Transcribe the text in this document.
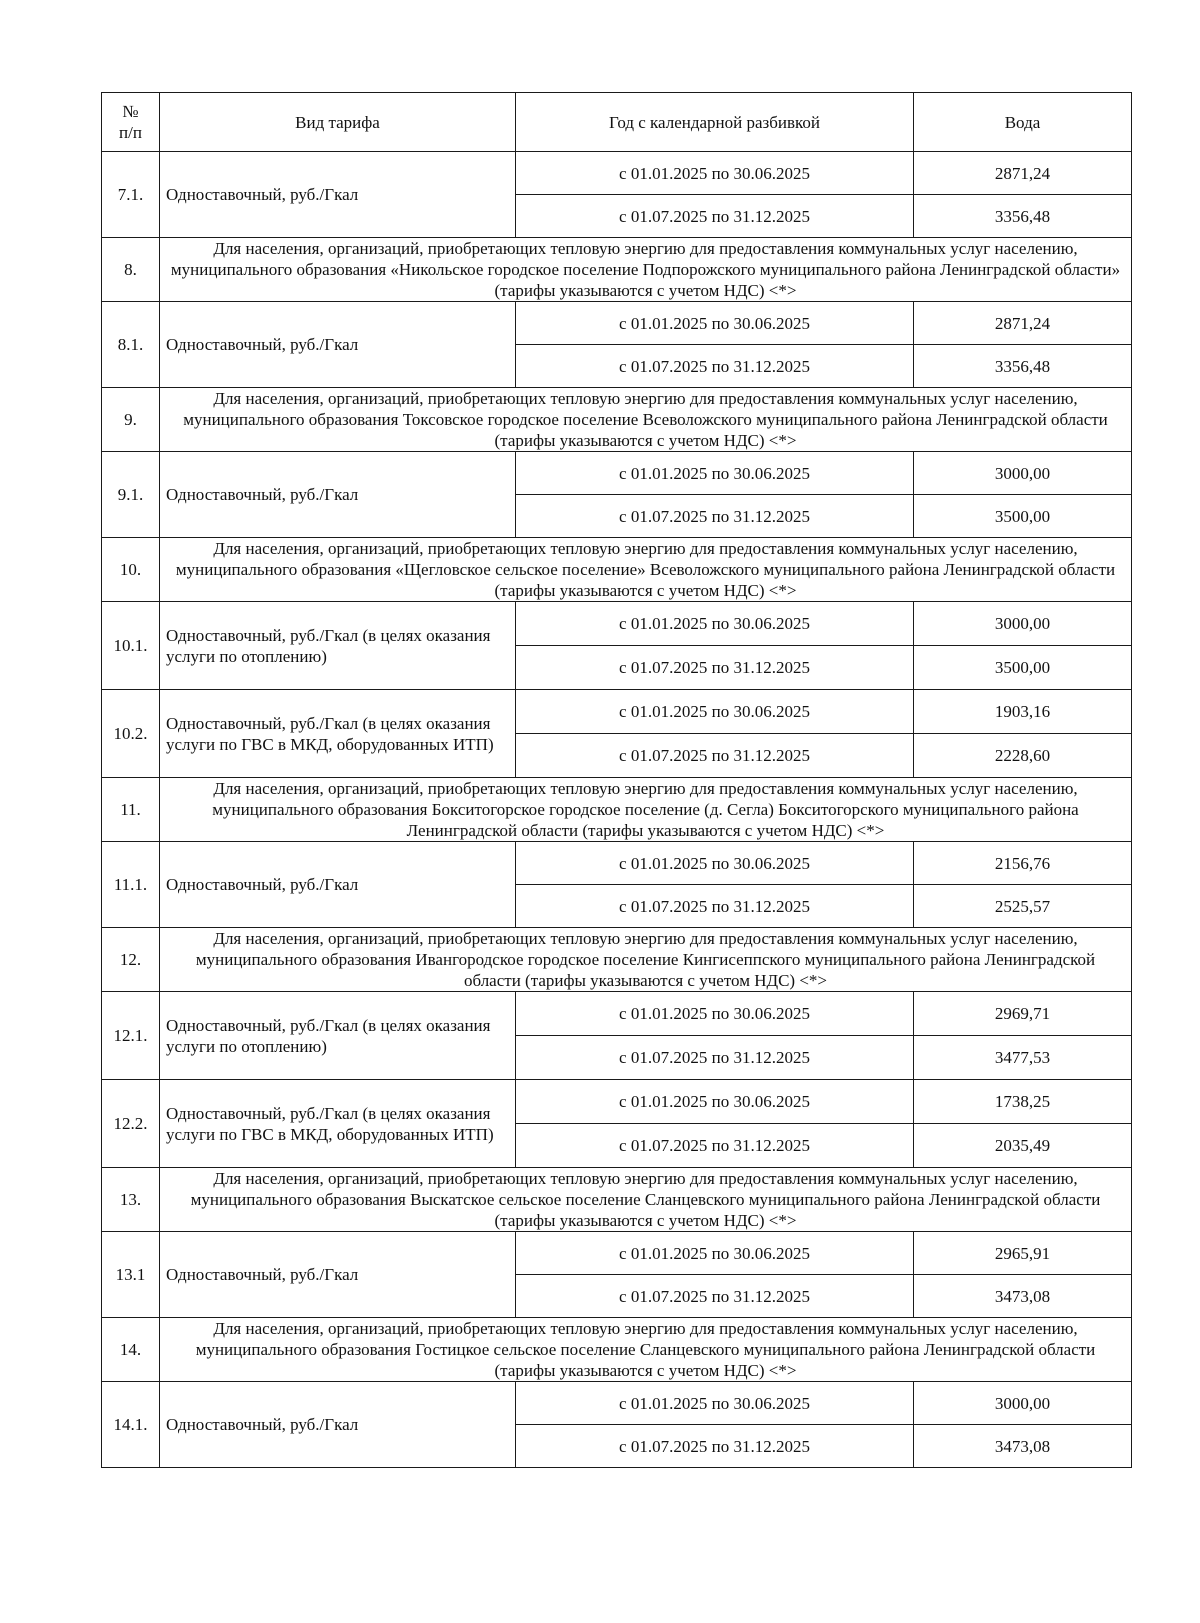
№ п/п	Вид тарифа	Год с календарной разбивкой	Вода
7.1.	Одноставочный, руб./Гкал	с 01.01.2025 по 30.06.2025	2871,24
		с 01.07.2025 по 31.12.2025	3356,48
8.	Для населения, организаций, приобретающих тепловую энергию для предоставления коммунальных услуг населению, муниципального образования «Никольское городское поселение Подпорожского муниципального района Ленинградской области» (тарифы указываются с учетом НДС) <*>		
8.1.	Одноставочный, руб./Гкал	с 01.01.2025 по 30.06.2025	2871,24
		с 01.07.2025 по 31.12.2025	3356,48
9.	Для населения, организаций, приобретающих тепловую энергию для предоставления коммунальных услуг населению, муниципального образования Токсовское городское поселение Всеволожского муниципального района Ленинградской области (тарифы указываются с учетом НДС) <*>		
9.1.	Одноставочный, руб./Гкал	с 01.01.2025 по 30.06.2025	3000,00
		с 01.07.2025 по 31.12.2025	3500,00
10.	Для населения, организаций, приобретающих тепловую энергию для предоставления коммунальных услуг населению, муниципального образования «Щегловское сельское поселение» Всеволожского муниципального района Ленинградской области (тарифы указываются с учетом НДС) <*>		
10.1.	Одноставочный, руб./Гкал (в целях оказания услуги по отоплению)	с 01.01.2025 по 30.06.2025	3000,00
		с 01.07.2025 по 31.12.2025	3500,00
10.2.	Одноставочный, руб./Гкал (в целях оказания услуги по ГВС в МКД, оборудованных ИТП)	с 01.01.2025 по 30.06.2025	1903,16
		с 01.07.2025 по 31.12.2025	2228,60
11.	Для населения, организаций, приобретающих тепловую энергию для предоставления коммунальных услуг населению, муниципального образования Бокситогорское городское поселение (д. Сегла) Бокситогорского муниципального района Ленинградской области (тарифы указываются с учетом НДС) <*>		
11.1.	Одноставочный, руб./Гкал	с 01.01.2025 по 30.06.2025	2156,76
		с 01.07.2025 по 31.12.2025	2525,57
12.	Для населения, организаций, приобретающих тепловую энергию для предоставления коммунальных услуг населению, муниципального образования Ивангородское городское поселение Кингисеппского муниципального района Ленинградской области (тарифы указываются с учетом НДС) <*>		
12.1.	Одноставочный, руб./Гкал (в целях оказания услуги по отоплению)	с 01.01.2025 по 30.06.2025	2969,71
		с 01.07.2025 по 31.12.2025	3477,53
12.2.	Одноставочный, руб./Гкал (в целях оказания услуги по ГВС в МКД, оборудованных ИТП)	с 01.01.2025 по 30.06.2025	1738,25
		с 01.07.2025 по 31.12.2025	2035,49
13.	Для населения, организаций, приобретающих тепловую энергию для предоставления коммунальных услуг населению, муниципального образования Выскатское сельское поселение Сланцевского муниципального района Ленинградской области (тарифы указываются с учетом НДС) <*>		
13.1	Одноставочный, руб./Гкал	с 01.01.2025 по 30.06.2025	2965,91
		с 01.07.2025 по 31.12.2025	3473,08
14.	Для населения, организаций, приобретающих тепловую энергию для предоставления коммунальных услуг населению, муниципального образования Гостицкое сельское поселение Сланцевского муниципального района Ленинградской области (тарифы указываются с учетом НДС) <*>		
14.1.	Одноставочный, руб./Гкал	с 01.01.2025 по 30.06.2025	3000,00
		с 01.07.2025 по 31.12.2025	3473,08
